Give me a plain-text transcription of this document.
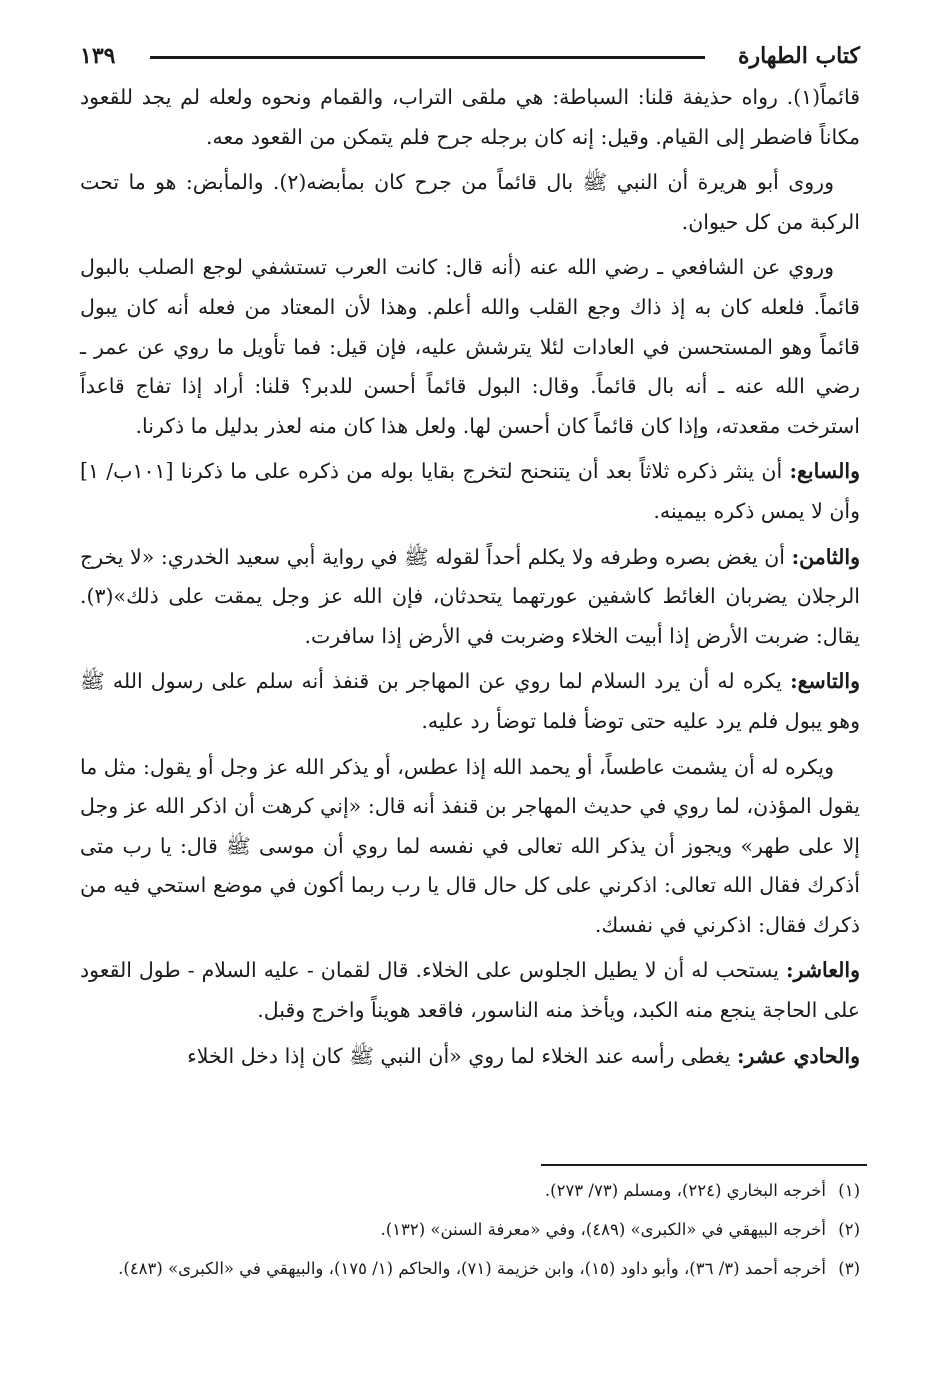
كتاب الطهارة
١٣٩

قائماً(١). رواه حذيفة قلنا: السباطة: هي ملقى التراب، والقمام ونحوه ولعله لم يجد للقعود مكاناً فاضطر إلى القيام. وقيل: إنه كان برجله جرح فلم يتمكن من القعود معه.

وروى أبو هريرة أن النبي ﷺ بال قائماً من جرح كان بمأبضه(٢). والمأبض: هو ما تحت الركبة من كل حيوان.

وروي عن الشافعي ـ رضي الله عنه (أنه قال: كانت العرب تستشفي لوجع الصلب بالبول قائماً. فلعله كان به إذ ذاك وجع القلب والله أعلم. وهذا لأن المعتاد من فعله أنه كان يبول قائماً وهو المستحسن في العادات لئلا يترشش عليه، فإن قيل: فما تأويل ما روي عن عمر ـ رضي الله عنه ـ أنه بال قائماً. وقال: البول قائماً أحسن للدبر؟ قلنا: أراد إذا تفاج قاعداً استرخت مقعدته، وإذا كان قائماً كان أحسن لها. ولعل هذا كان منه لعذر بدليل ما ذكرنا.

والسابع: أن ينثر ذكره ثلاثاً بعد أن يتنحنح لتخرج بقايا بوله من ذكره على ما ذكرنا [١٠١ب/ ١] وأن لا يمس ذكره بيمينه.

والثامن: أن يغض بصره وطرفه ولا يكلم أحداً لقوله ﷺ في رواية أبي سعيد الخدري: «لا يخرج الرجلان يضربان الغائط كاشفين عورتهما يتحدثان، فإن الله عز وجل يمقت على ذلك»(٣). يقال: ضربت الأرض إذا أبيت الخلاء وضربت في الأرض إذا سافرت.

والتاسع: يكره له أن يرد السلام لما روي عن المهاجر بن قنفذ أنه سلم على رسول الله ﷺ وهو يبول فلم يرد عليه حتى توضأ فلما توضأ رد عليه.

ويكره له أن يشمت عاطساً، أو يحمد الله إذا عطس، أو يذكر الله عز وجل أو يقول: مثل ما يقول المؤذن، لما روي في حديث المهاجر بن قنفذ أنه قال: «إني كرهت أن اذكر الله عز وجل إلا على طهر» ويجوز أن يذكر الله تعالى في نفسه لما روي أن موسى ﷺ قال: يا رب متى أذكرك فقال الله تعالى: اذكرني على كل حال قال يا رب ربما أكون في موضع استحي فيه من ذكرك فقال: اذكرني في نفسك.

والعاشر: يستحب له أن لا يطيل الجلوس على الخلاء. قال لقمان - عليه السلام - طول القعود على الحاجة ينجع منه الكبد، ويأخذ منه الناسور، فاقعد هويناً واخرج وقبل.

والحادي عشر: يغطى رأسه عند الخلاء لما روي «أن النبي ﷺ كان إذا دخل الخلاء

(١)
أخرجه البخاري (٢٢٤)، ومسلم (٧٣/ ٢٧٣).
(٢)
أخرجه البيهقي في «الكبرى» (٤٨٩)، وفي «معرفة السنن» (١٣٢).
(٣)
أخرجه أحمد (٣/ ٣٦)، وأبو داود (١٥)، وابن خزيمة (٧١)، والحاكم (١/ ١٧٥)، والبيهقي في «الكبرى» (٤٨٣).
